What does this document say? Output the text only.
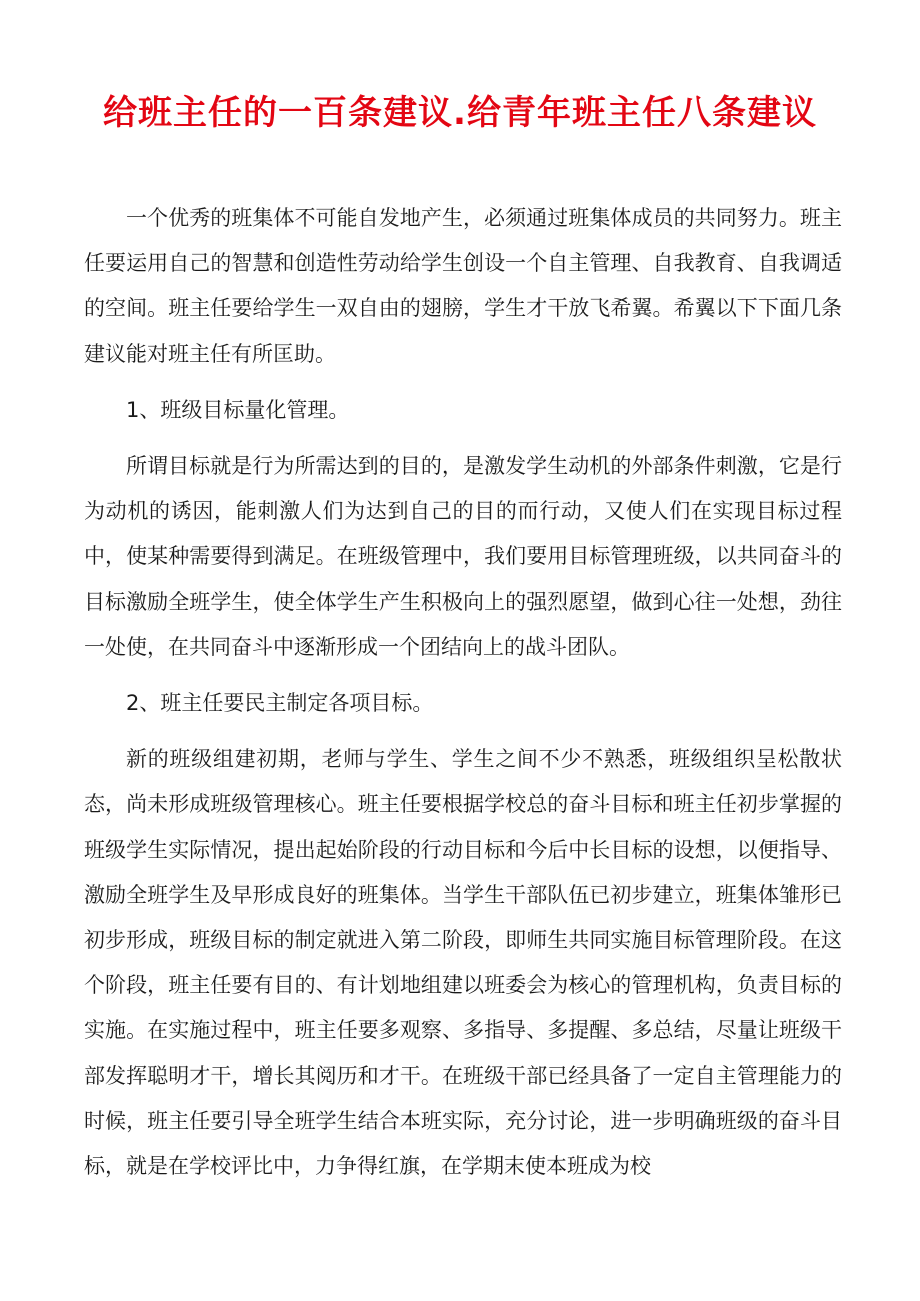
给班主任的一百条建议.给青年班主任八条建议

一个优秀的班集体不可能自发地产生，必须通过班集体成员的共同努力。班主任要运用自己的智慧和创造性劳动给学生创设一个自主管理、自我教育、自我调适的空间。班主任要给学生一双自由的翅膀，学生才干放飞希翼。希翼以下下面几条建议能对班主任有所匡助。

1、班级目标量化管理。

所谓目标就是行为所需达到的目的，是激发学生动机的外部条件刺激，它是行为动机的诱因，能刺激人们为达到自己的目的而行动，又使人们在实现目标过程中，使某种需要得到满足。在班级管理中，我们要用目标管理班级，以共同奋斗的目标激励全班学生，使全体学生产生积极向上的强烈愿望，做到心往一处想，劲往一处使，在共同奋斗中逐渐形成一个团结向上的战斗团队。

2、班主任要民主制定各项目标。

新的班级组建初期，老师与学生、学生之间不少不熟悉，班级组织呈松散状态，尚未形成班级管理核心。班主任要根据学校总的奋斗目标和班主任初步掌握的班级学生实际情况，提出起始阶段的行动目标和今后中长目标的设想，以便指导、激励全班学生及早形成良好的班集体。当学生干部队伍已初步建立，班集体雏形已初步形成，班级目标的制定就进入第二阶段，即师生共同实施目标管理阶段。在这个阶段，班主任要有目的、有计划地组建以班委会为核心的管理机构，负责目标的实施。在实施过程中，班主任要多观察、多指导、多提醒、多总结，尽量让班级干部发挥聪明才干，增长其阅历和才干。在班级干部已经具备了一定自主管理能力的时候，班主任要引导全班学生结合本班实际，充分讨论，进一步明确班级的奋斗目标，就是在学校评比中，力争得红旗，在学期末使本班成为校
